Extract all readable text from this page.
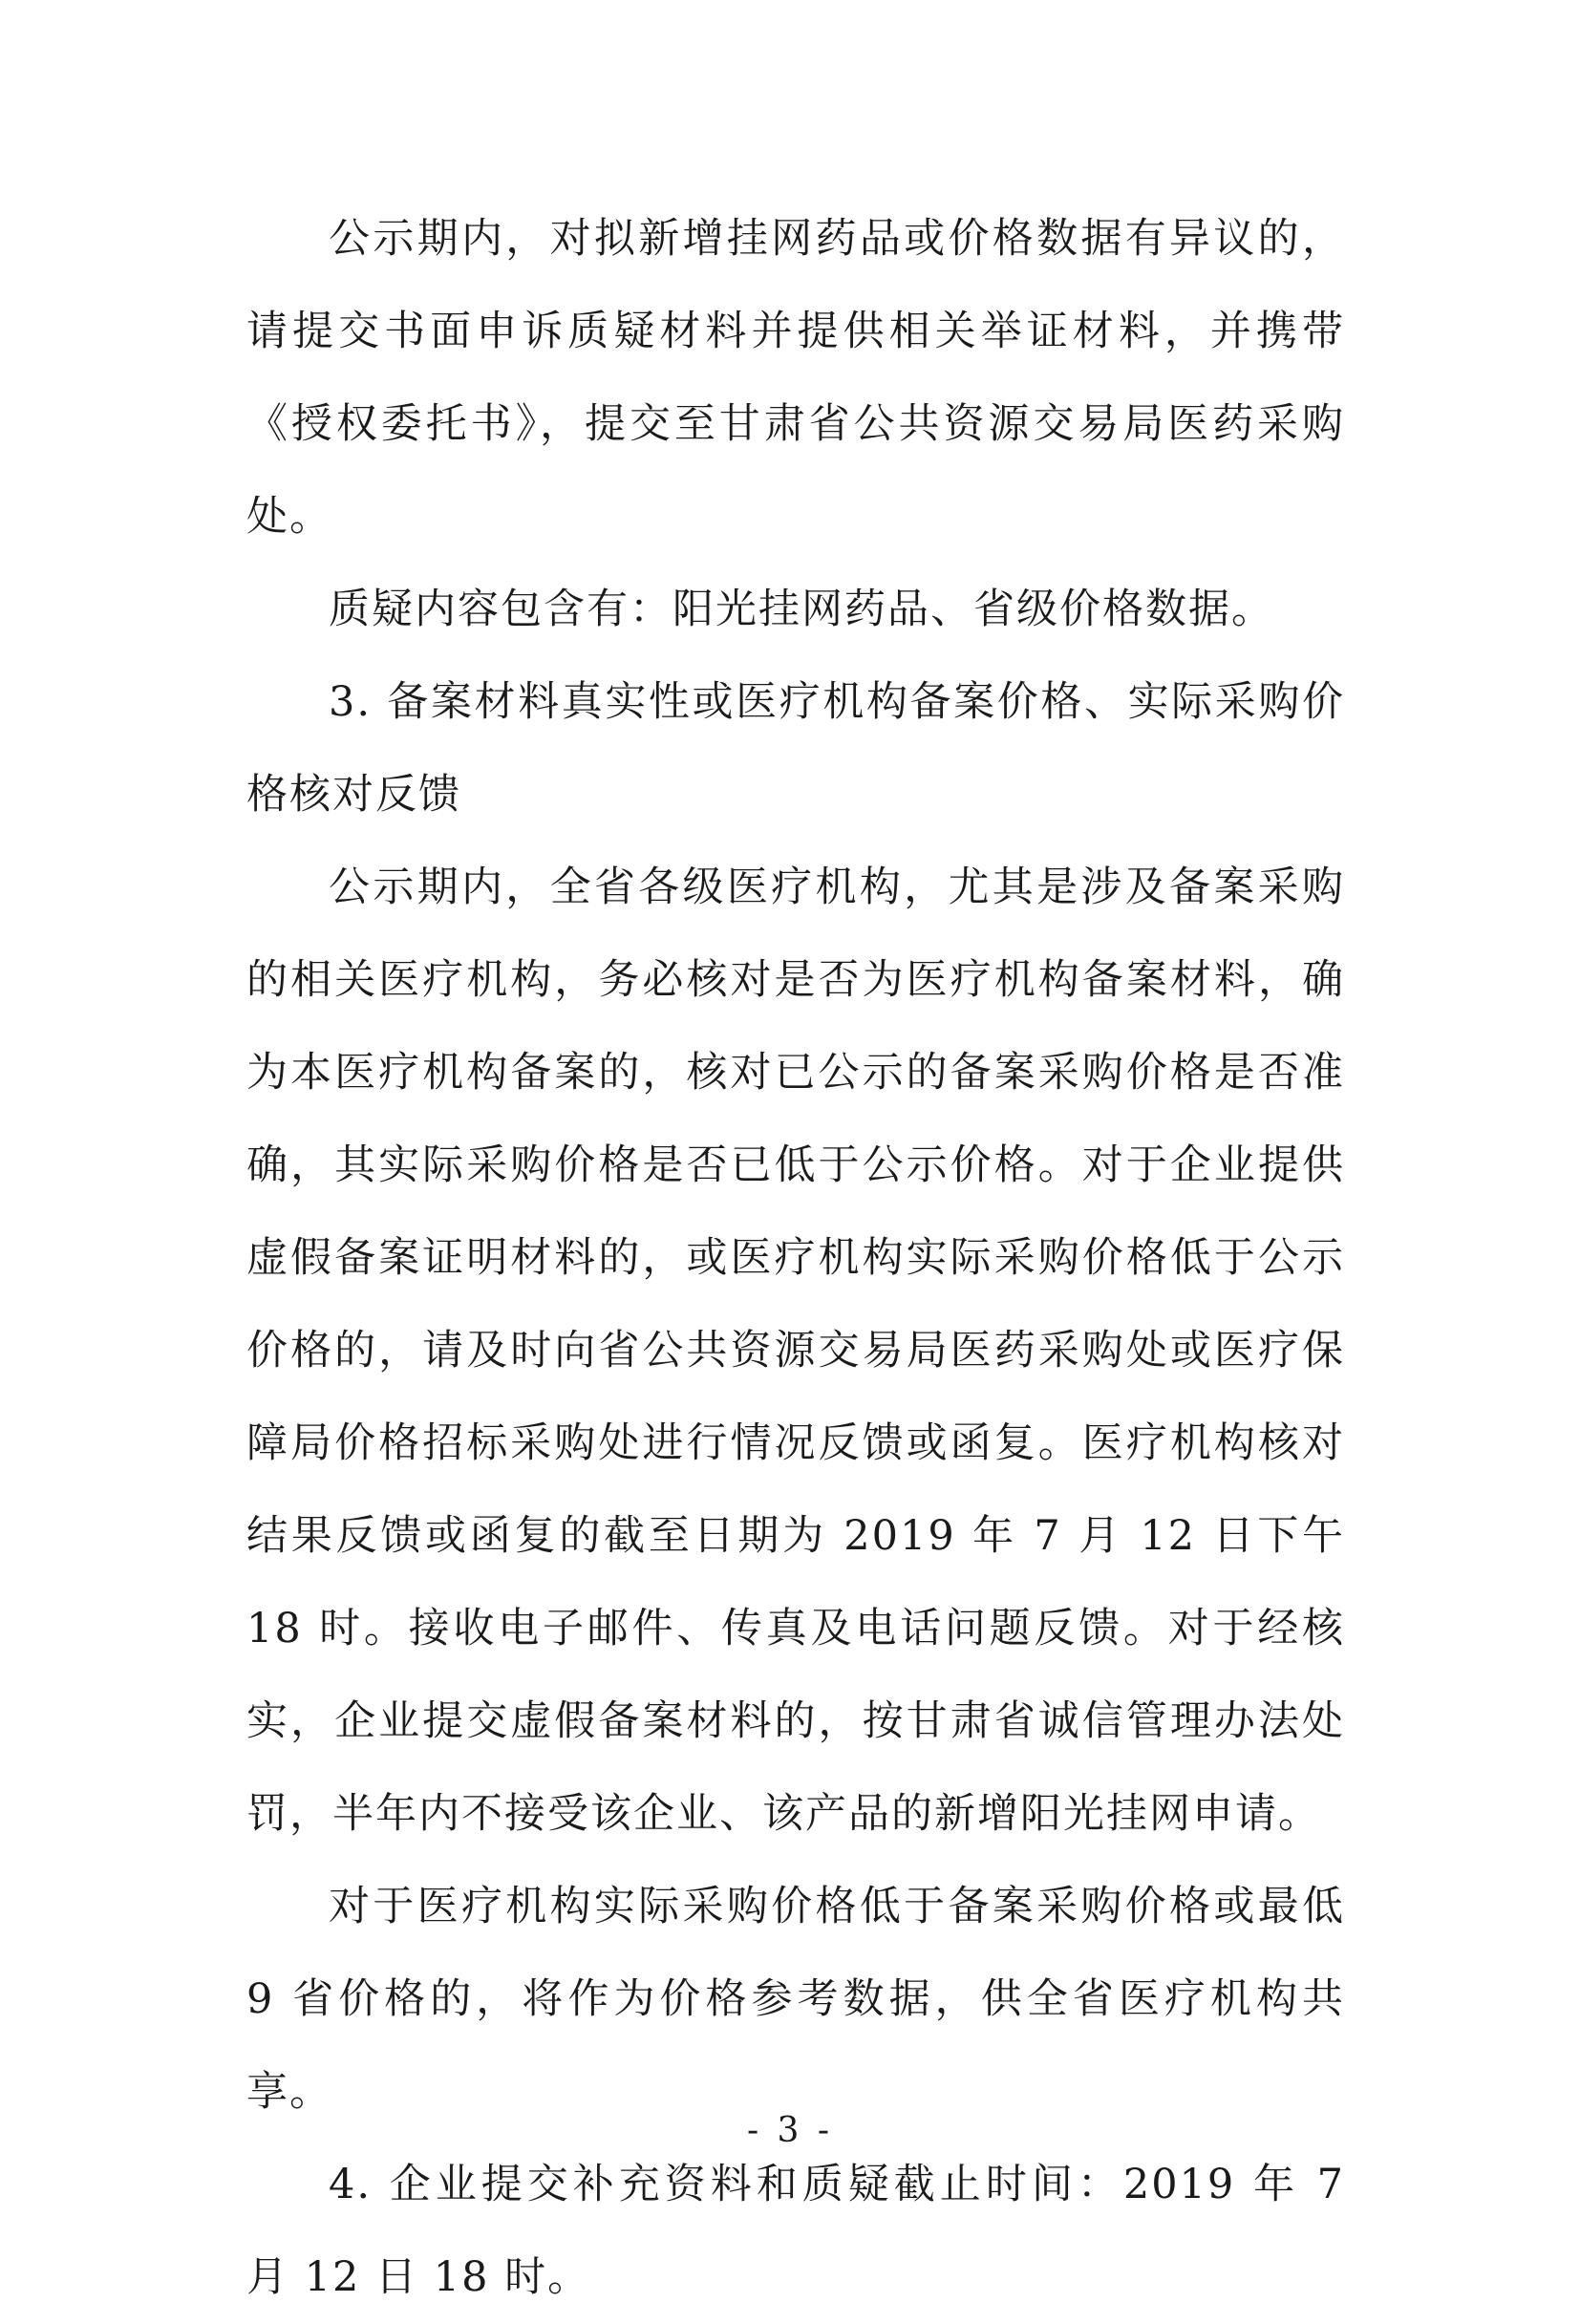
公示期内，对拟新增挂网药品或价格数据有异议的，请提交书面申诉质疑材料并提供相关举证材料，并携带《授权委托书》，提交至甘肃省公共资源交易局医药采购处。

质疑内容包含有：阳光挂网药品、省级价格数据。

3. 备案材料真实性或医疗机构备案价格、实际采购价格核对反馈

公示期内，全省各级医疗机构，尤其是涉及备案采购的相关医疗机构，务必核对是否为医疗机构备案材料，确为本医疗机构备案的，核对已公示的备案采购价格是否准确，其实际采购价格是否已低于公示价格。对于企业提供虚假备案证明材料的，或医疗机构实际采购价格低于公示价格的，请及时向省公共资源交易局医药采购处或医疗保障局价格招标采购处进行情况反馈或函复。医疗机构核对结果反馈或函复的截至日期为 2019 年 7 月 12 日下午 18 时。接收电子邮件、传真及电话问题反馈。对于经核实，企业提交虚假备案材料的，按甘肃省诚信管理办法处罚，半年内不接受该企业、该产品的新增阳光挂网申请。

对于医疗机构实际采购价格低于备案采购价格或最低 9 省价格的，将作为价格参考数据，供全省医疗机构共享。

4. 企业提交补充资料和质疑截止时间：2019 年 7 月 12 日 18 时。

- 3 -
